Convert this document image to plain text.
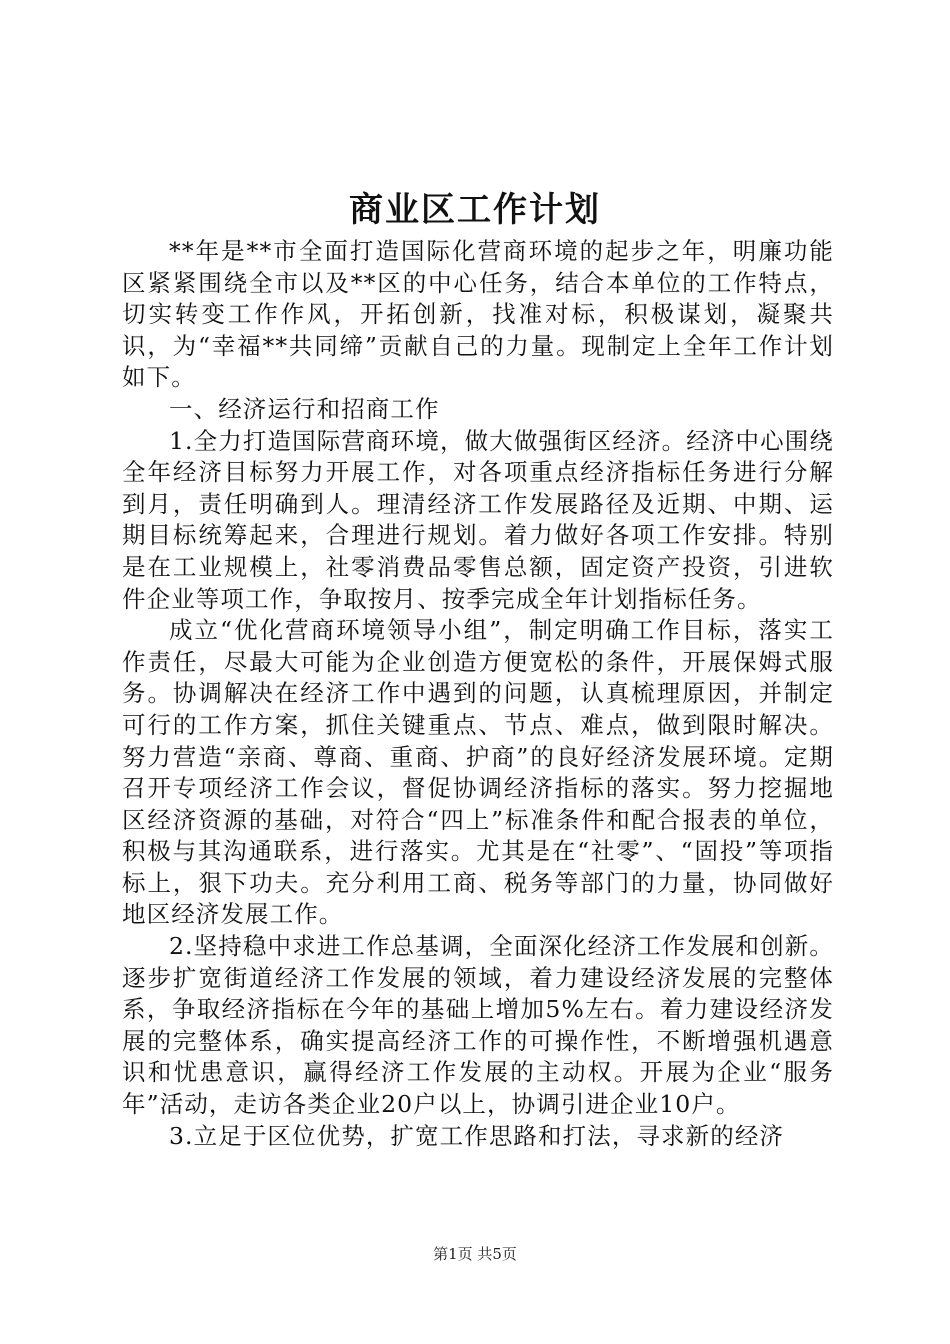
商业区工作计划

**年是**市全面打造国际化营商环境的起步之年，明廉功能区紧紧围绕全市以及**区的中心任务，结合本单位的工作特点，切实转变工作作风，开拓创新，找准对标，积极谋划，凝聚共识，为“幸福**共同缔”贡献自己的力量。现制定上全年工作计划如下。

一、经济运行和招商工作

1.全力打造国际营商环境，做大做强街区经济。经济中心围绕全年经济目标努力开展工作，对各项重点经济指标任务进行分解到月，责任明确到人。理清经济工作发展路径及近期、中期、运期目标统筹起来，合理进行规划。着力做好各项工作安排。特别是在工业规模上，社零消费品零售总额，固定资产投资，引进软件企业等项工作，争取按月、按季完成全年计划指标任务。

成立“优化营商环境领导小组”，制定明确工作目标，落实工作责任，尽最大可能为企业创造方便宽松的条件，开展保姆式服务。协调解决在经济工作中遇到的问题，认真梳理原因，并制定可行的工作方案，抓住关键重点、节点、难点，做到限时解决。努力营造“亲商、尊商、重商、护商”的良好经济发展环境。定期召开专项经济工作会议，督促协调经济指标的落实。努力挖掘地区经济资源的基础，对符合“四上”标准条件和配合报表的单位，积极与其沟通联系，进行落实。尤其是在“社零”、“固投”等项指标上，狠下功夫。充分利用工商、税务等部门的力量，协同做好地区经济发展工作。

2.坚持稳中求进工作总基调，全面深化经济工作发展和创新。逐步扩宽街道经济工作发展的领域，着力建设经济发展的完整体系，争取经济指标在今年的基础上增加5%左右。着力建设经济发展的完整体系，确实提高经济工作的可操作性，不断增强机遇意识和忧患意识，赢得经济工作发展的主动权。开展为企业“服务年”活动，走访各类企业20户以上，协调引进企业10户。

3.立足于区位优势，扩宽工作思路和打法，寻求新的经济

第1页 共5页
